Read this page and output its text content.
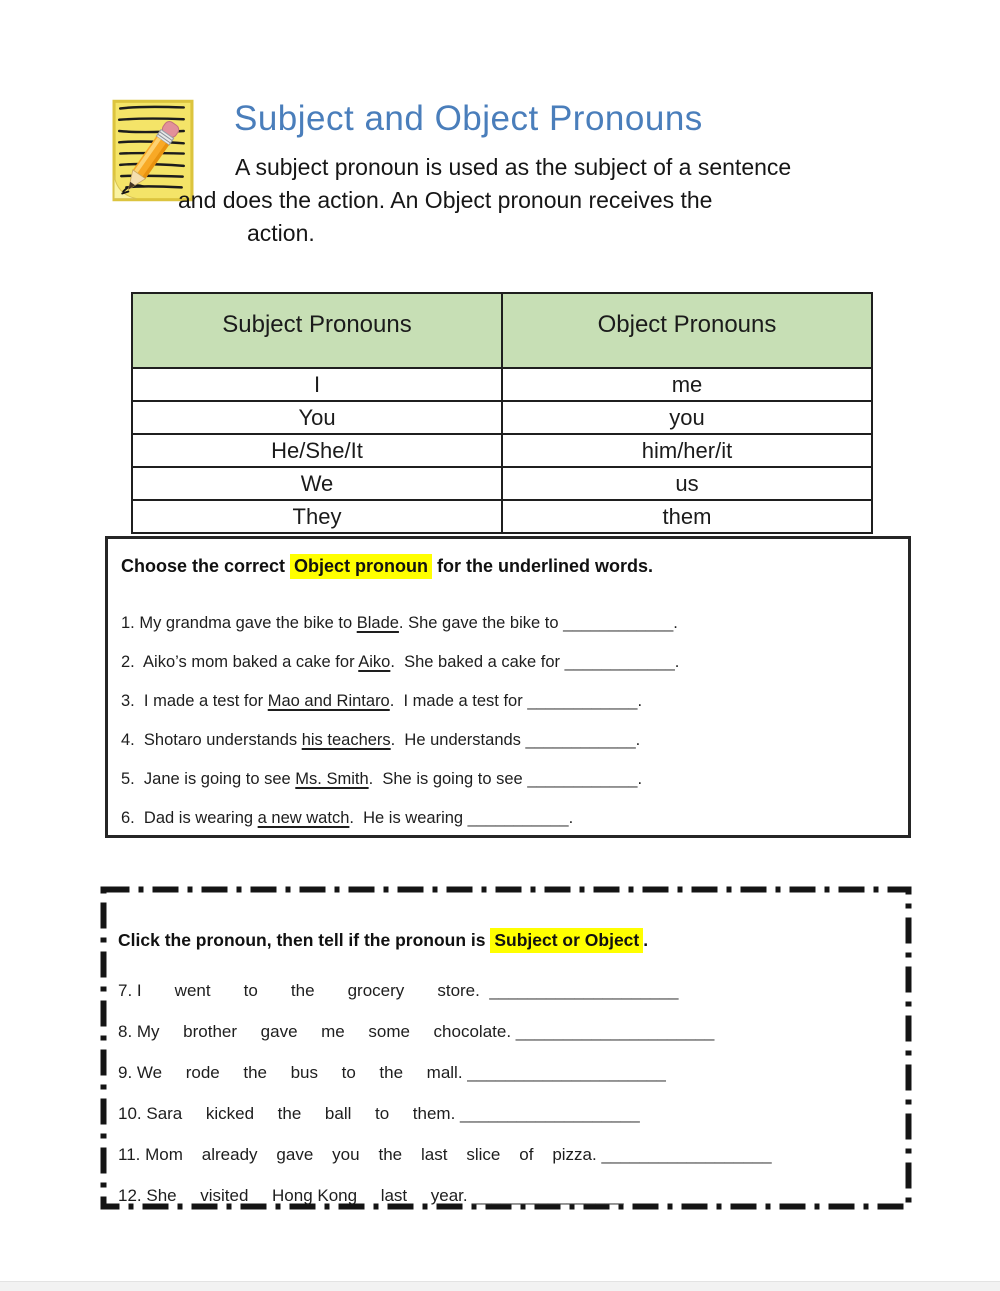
Subject and Object Pronouns
A subject pronoun is used as the subject of a sentence
and does the action. An Object pronoun receives the
action.
Subject Pronouns	Object Pronouns
I	me
You	you
He/She/It	him/her/it
We	us
They	them
Choose the correct Object pronoun for the underlined words.
1. My grandma gave the bike to Blade. She gave the bike to ____________.
2.  Aiko’s mom baked a cake for Aiko.  She baked a cake for ____________.
3.  I made a test for Mao and Rintaro.  I made a test for ____________.
4.  Shotaro understands his teachers.  He understands ____________.
5.  Jane is going to see Ms. Smith.  She is going to see ____________.
6.  Dad is wearing a new watch.  He is wearing ___________.
Click the pronoun, then tell if the pronoun is Subject or Object .
7. I       went       to       the       grocery       store.  ____________________
8. My     brother     gave     me     some     chocolate. _____________________
9. We     rode     the     bus     to     the     mall. _____________________
10. Sara     kicked     the     ball     to     them. ___________________
11. Mom    already    gave    you    the    last    slice    of    pizza. __________________
12. She     visited     Hong Kong     last     year. ________________
